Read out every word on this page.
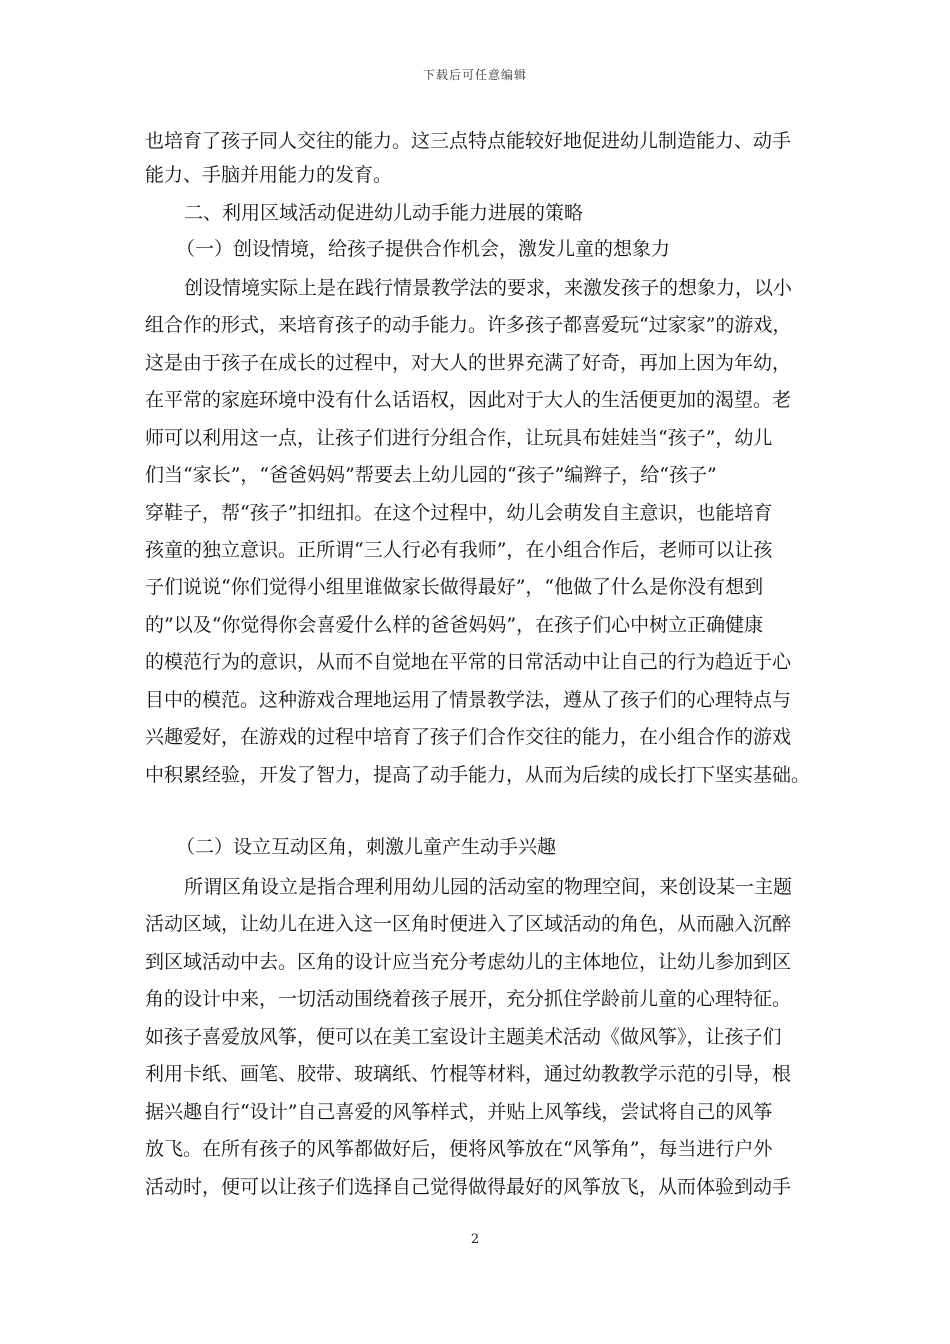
下载后可任意编辑
也培育了孩子同人交往的能力。这三点特点能较好地促进幼儿制造能力、动手
能力、手脑并用能力的发育。
二、利用区域活动促进幼儿动手能力进展的策略
（一）创设情境，给孩子提供合作机会，激发儿童的想象力
创设情境实际上是在践行情景教学法的要求，来激发孩子的想象力，以小
组合作的形式，来培育孩子的动手能力。许多孩子都喜爱玩“过家家”的游戏，
这是由于孩子在成长的过程中，对大人的世界充满了好奇，再加上因为年幼，
在平常的家庭环境中没有什么话语权，因此对于大人的生活便更加的渴望。老
师可以利用这一点，让孩子们进行分组合作，让玩具布娃娃当“孩子”，幼儿
们当“家长”，“爸爸妈妈”帮要去上幼儿园的“孩子”编辫子，给“孩子”
穿鞋子，帮“孩子”扣纽扣。在这个过程中，幼儿会萌发自主意识，也能培育
孩童的独立意识。正所谓“三人行必有我师”，在小组合作后，老师可以让孩
子们说说“你们觉得小组里谁做家长做得最好”，“他做了什么是你没有想到
的”以及“你觉得你会喜爱什么样的爸爸妈妈”，在孩子们心中树立正确健康
的模范行为的意识，从而不自觉地在平常的日常活动中让自己的行为趋近于心
目中的模范。这种游戏合理地运用了情景教学法，遵从了孩子们的心理特点与
兴趣爱好，在游戏的过程中培育了孩子们合作交往的能力，在小组合作的游戏
中积累经验，开发了智力，提高了动手能力，从而为后续的成长打下坚实基础。
（二）设立互动区角，刺激儿童产生动手兴趣
所谓区角设立是指合理利用幼儿园的活动室的物理空间，来创设某一主题
活动区域，让幼儿在进入这一区角时便进入了区域活动的角色，从而融入沉醉
到区域活动中去。区角的设计应当充分考虑幼儿的主体地位，让幼儿参加到区
角的设计中来，一切活动围绕着孩子展开，充分抓住学龄前儿童的心理特征。
如孩子喜爱放风筝，便可以在美工室设计主题美术活动《做风筝》，让孩子们
利用卡纸、画笔、胶带、玻璃纸、竹棍等材料，通过幼教教学示范的引导，根
据兴趣自行“设计”自己喜爱的风筝样式，并贴上风筝线，尝试将自己的风筝
放飞。在所有孩子的风筝都做好后，便将风筝放在“风筝角”，每当进行户外
活动时，便可以让孩子们选择自己觉得做得最好的风筝放飞，从而体验到动手
2
